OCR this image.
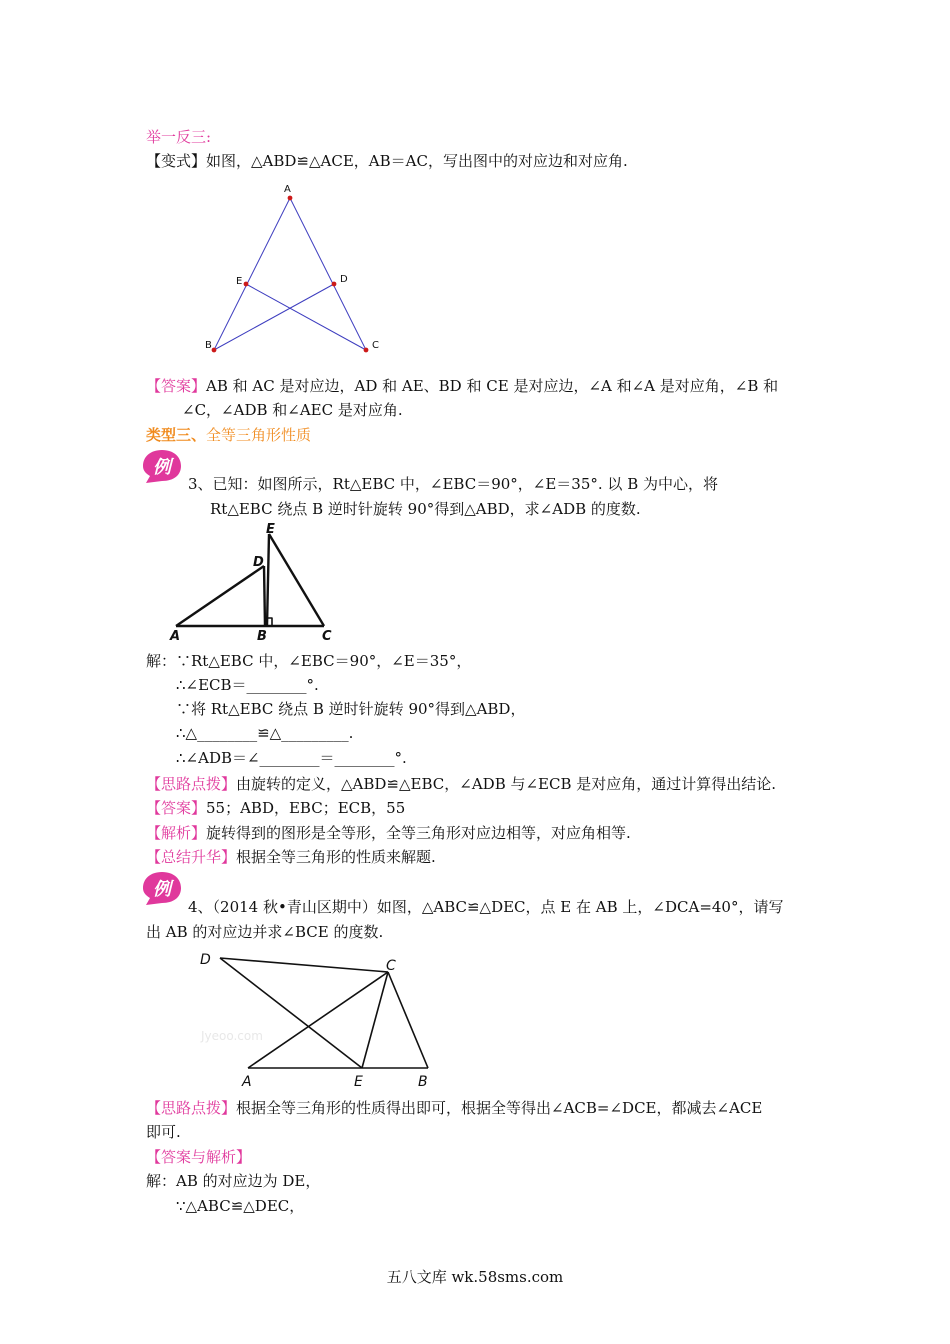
举一反三:
【变式】如图，△ABD≌△ACE，AB＝AC，写出图中的对应边和对应角.
A
E	D
B	C
【答案】AB 和 AC 是对应边，AD 和 AE、BD 和 CE 是对应边，∠A 和∠A 是对应角，∠B 和
∠C，∠ADB 和∠AEC 是对应角.
类型三、全等三角形性质
例
3、已知：如图所示，Rt△EBC 中，∠EBC＝90°，∠E＝35°. 以 B 为中心，将
Rt△EBC 绕点 B 逆时针旋转 90°得到△ABD，求∠ADB 的度数.
E
D
A	B	C
解：∵Rt△EBC 中，∠EBC＝90°，∠E＝35°，
∴∠ECB＝________°.
∵将 Rt△EBC 绕点 B 逆时针旋转 90°得到△ABD，
∴△________≌△_________.
∴∠ADB＝∠________＝________°.
【思路点拨】由旋转的定义，△ABD≌△EBC，∠ADB 与∠ECB 是对应角，通过计算得出结论.
【答案】55；ABD，EBC；ECB，55
【解析】旋转得到的图形是全等形，全等三角形对应边相等，对应角相等.
【总结升华】根据全等三角形的性质来解题.
例
4、（2014 秋•青山区期中）如图，△ABC≌△DEC，点 E 在 AB 上，∠DCA=40°，请写
出 AB 的对应边并求∠BCE 的度数.
Jyeoo.com
D	C
A	E	B
【思路点拨】根据全等三角形的性质得出即可，根据全等得出∠ACB=∠DCE，都减去∠ACE
即可.
【答案与解析】
解：AB 的对应边为 DE，
∵△ABC≌△DEC，
五八文库 wk.58sms.com
